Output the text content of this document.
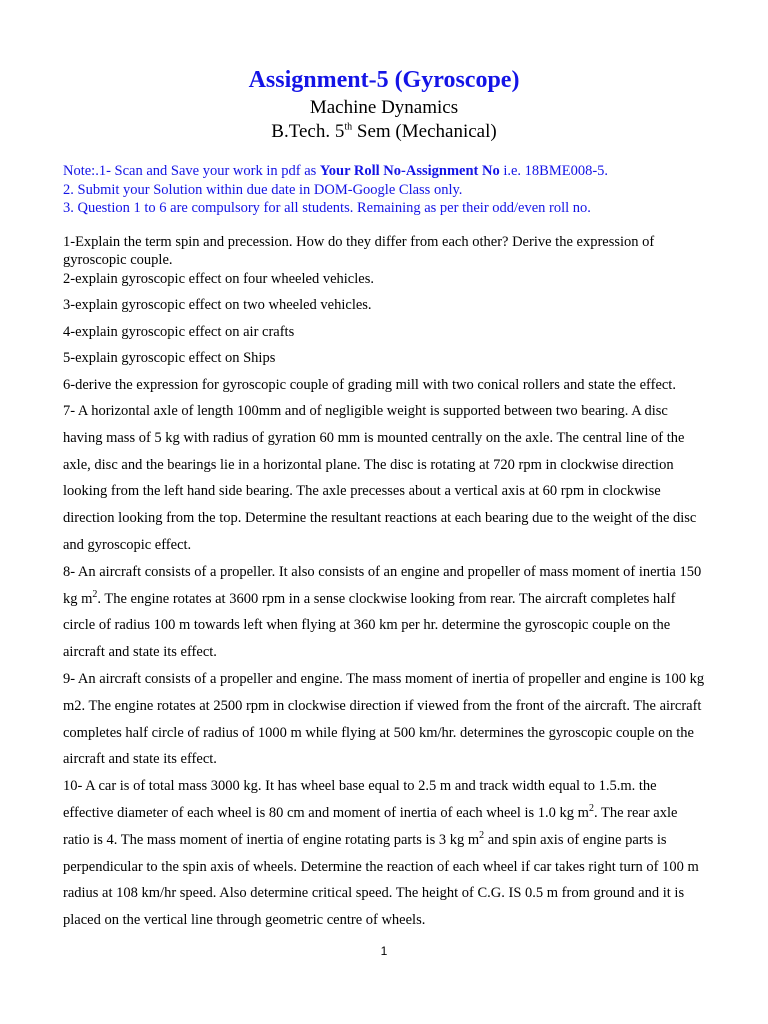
Assignment-5 (Gyroscope)

Machine Dynamics

B.Tech. 5th Sem (Mechanical)

Note:.1- Scan and Save your work in pdf as Your Roll No-Assignment No i.e. 18BME008-5.
2. Submit your Solution within due date in DOM-Google Class only.
3. Question 1 to 6 are compulsory for all students. Remaining as per their odd/even roll no.

1-Explain the term spin and precession. How do they differ from each other? Derive the expression of gyroscopic couple.

2-explain gyroscopic effect on four wheeled vehicles.

3-explain gyroscopic effect on two wheeled vehicles.

4-explain gyroscopic effect on air crafts

5-explain gyroscopic effect on Ships

6-derive the expression for gyroscopic couple of grading mill with two conical rollers and state the effect.

7- A horizontal axle of length 100mm and of negligible weight is supported between two bearing. A disc having mass of 5 kg with radius of gyration 60 mm is mounted centrally on the axle. The central line of the axle, disc and the bearings lie in a horizontal plane. The disc is rotating at 720 rpm in clockwise direction looking from the left hand side bearing. The axle precesses about a vertical axis at 60 rpm in clockwise direction looking from the top. Determine the resultant reactions at each bearing due to the weight of the disc and gyroscopic effect.

8- An aircraft consists of a propeller. It also consists of an engine and propeller of mass moment of inertia 150 kg $m^2$. The engine rotates at 3600 rpm in a sense clockwise looking from rear. The aircraft completes half circle of radius 100 m towards left when flying at 360 km per hr. determine the gyroscopic couple on the aircraft and state its effect.

9- An aircraft consists of a propeller and engine. The mass moment of inertia of propeller and engine is 100 kg m2. The engine rotates at 2500 rpm in clockwise direction if viewed from the front of the aircraft. The aircraft completes half circle of radius of 1000 m while flying at 500 km/hr. determines the gyroscopic couple on the aircraft and state its effect.

10- A car is of total mass 3000 kg. It has wheel base equal to 2.5 m and track width equal to 1.5.m. the effective diameter of each wheel is 80 cm and moment of inertia of each wheel is 1.0 kg $m^2$. The rear axle ratio is 4. The mass moment of inertia of engine rotating parts is 3 kg $m^2$ and spin axis of engine parts is perpendicular to the spin axis of wheels. Determine the reaction of each wheel if car takes right turn of 100 m radius at 108 km/hr speed. Also determine critical speed. The height of C.G. IS 0.5 m from ground and it is placed on the vertical line through geometric centre of wheels.

1
